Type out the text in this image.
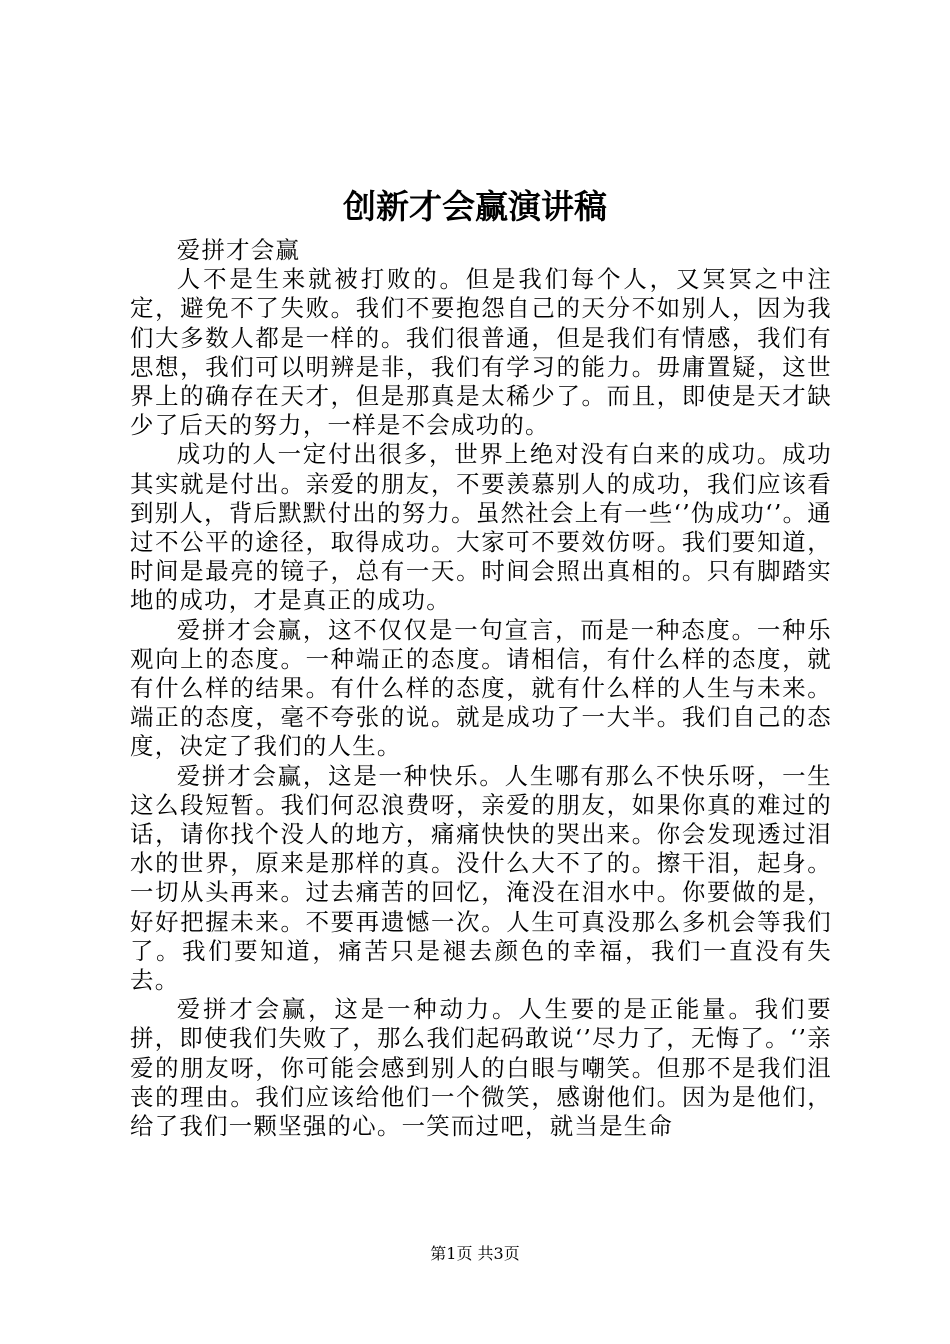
创新才会赢演讲稿

爱拼才会赢

人不是生来就被打败的。但是我们每个人，又冥冥之中注定，避免不了失败。我们不要抱怨自己的天分不如别人，因为我们大多数人都是一样的。我们很普通，但是我们有情感，我们有思想，我们可以明辨是非，我们有学习的能力。毋庸置疑，这世界上的确存在天才，但是那真是太稀少了。而且，即使是天才缺少了后天的努力，一样是不会成功的。

成功的人一定付出很多，世界上绝对没有白来的成功。成功其实就是付出。亲爱的朋友，不要羡慕别人的成功，我们应该看到别人，背后默默付出的努力。虽然社会上有一些‘’伪成功‘’。通过不公平的途径，取得成功。大家可不要效仿呀。我们要知道，时间是最亮的镜子，总有一天。时间会照出真相的。只有脚踏实地的成功，才是真正的成功。

爱拼才会赢，这不仅仅是一句宣言，而是一种态度。一种乐观向上的态度。一种端正的态度。请相信，有什么样的态度，就有什么样的结果。有什么样的态度，就有什么样的人生与未来。端正的态度，毫不夸张的说。就是成功了一大半。我们自己的态度，决定了我们的人生。

爱拼才会赢，这是一种快乐。人生哪有那么不快乐呀，一生这么段短暂。我们何忍浪费呀，亲爱的朋友，如果你真的难过的话，请你找个没人的地方，痛痛快快的哭出来。你会发现透过泪水的世界，原来是那样的真。没什么大不了的。擦干泪，起身。一切从头再来。过去痛苦的回忆，淹没在泪水中。你要做的是，好好把握未来。不要再遗憾一次。人生可真没那么多机会等我们了。我们要知道，痛苦只是褪去颜色的幸福，我们一直没有失去。

爱拼才会赢，这是一种动力。人生要的是正能量。我们要拼，即使我们失败了，那么我们起码敢说‘’尽力了，无悔了。‘’亲爱的朋友呀，你可能会感到别人的白眼与嘲笑。但那不是我们沮丧的理由。我们应该给他们一个微笑，感谢他们。因为是他们，给了我们一颗坚强的心。一笑而过吧，就当是生命

第1页 共3页
